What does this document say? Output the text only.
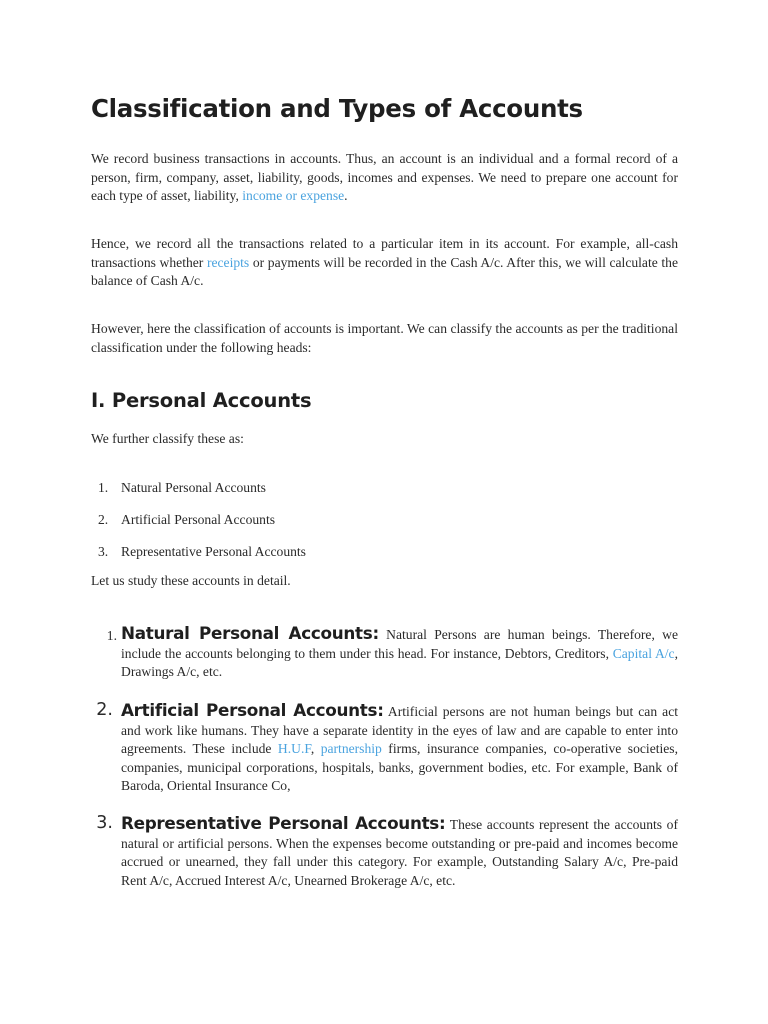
Classification and Types of Accounts

We record business transactions in accounts. Thus, an account is an individual and a formal record of a person, firm, company, asset, liability, goods, incomes and expenses. We need to prepare one account for each type of asset, liability, income or expense.

Hence, we record all the transactions related to a particular item in its account. For example, all-cash transactions whether receipts or payments will be recorded in the Cash A/c. After this, we will calculate the balance of Cash A/c.

However, here the classification of accounts is important. We can classify the accounts as per the traditional classification under the following heads:

I. Personal Accounts

We further classify these as:

1. Natural Personal Accounts
2. Artificial Personal Accounts
3. Representative Personal Accounts

Let us study these accounts in detail.

1. Natural Personal Accounts: Natural Persons are human beings. Therefore, we include the accounts belonging to them under this head. For instance, Debtors, Creditors, Capital A/c, Drawings A/c, etc.

2. Artificial Personal Accounts: Artificial persons are not human beings but can act and work like humans. They have a separate identity in the eyes of law and are capable to enter into agreements. These include H.U.F, partnership firms, insurance companies, co-operative societies, companies, municipal corporations, hospitals, banks, government bodies, etc. For example, Bank of Baroda, Oriental Insurance Co,

3. Representative Personal Accounts: These accounts represent the accounts of natural or artificial persons. When the expenses become outstanding or pre-paid and incomes become accrued or unearned, they fall under this category. For example, Outstanding Salary A/c, Pre-paid Rent A/c, Accrued Interest A/c, Unearned Brokerage A/c, etc.
